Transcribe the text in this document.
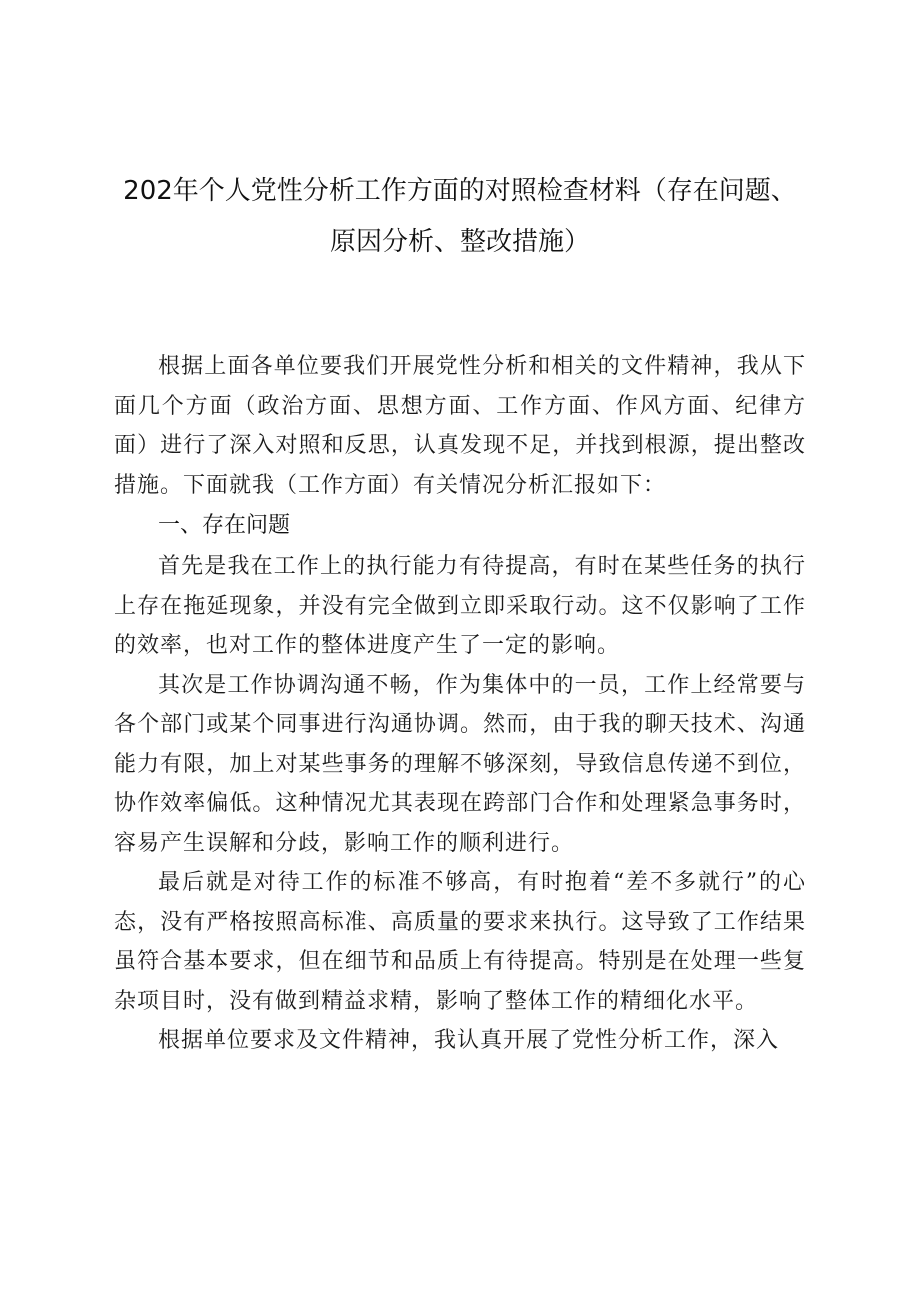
202年个人党性分析工作方面的对照检查材料（存在问题、原因分析、整改措施）

根据上面各单位要我们开展党性分析和相关的文件精神，我从下面几个方面（政治方面、思想方面、工作方面、作风方面、纪律方面）进行了深入对照和反思，认真发现不足，并找到根源，提出整改措施。下面就我（工作方面）有关情况分析汇报如下：

一、存在问题

首先是我在工作上的执行能力有待提高，有时在某些任务的执行上存在拖延现象，并没有完全做到立即采取行动。这不仅影响了工作的效率，也对工作的整体进度产生了一定的影响。

其次是工作协调沟通不畅，作为集体中的一员，工作上经常要与各个部门或某个同事进行沟通协调。然而，由于我的聊天技术、沟通能力有限，加上对某些事务的理解不够深刻，导致信息传递不到位，协作效率偏低。这种情况尤其表现在跨部门合作和处理紧急事务时，容易产生误解和分歧，影响工作的顺利进行。

最后就是对待工作的标准不够高，有时抱着“差不多就行”的心态，没有严格按照高标准、高质量的要求来执行。这导致了工作结果虽符合基本要求，但在细节和品质上有待提高。特别是在处理一些复杂项目时，没有做到精益求精，影响了整体工作的精细化水平。

根据单位要求及文件精神，我认真开展了党性分析工作，深入
